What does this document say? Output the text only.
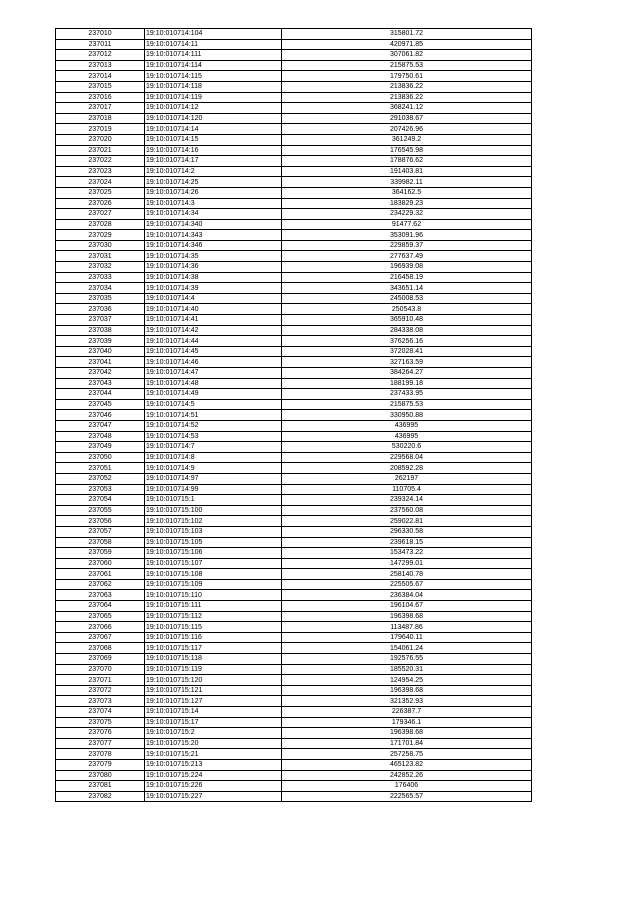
237010	19:10:010714:104	315801.72
237011	19:10:010714:11	420971.85
237012	19:10:010714:111	307061.82
237013	19:10:010714:114	215875.53
237014	19:10:010714:115	179750.61
237015	19:10:010714:118	213836.22
237016	19:10:010714:119	213836.22
237017	19:10:010714:12	368241.12
237018	19:10:010714:120	291038.67
237019	19:10:010714:14	207426.96
237020	19:10:010714:15	361249.2
237021	19:10:010714:16	176545.98
237022	19:10:010714:17	178876.62
237023	19:10:010714:2	191403.81
237024	19:10:010714:25	339982.11
237025	19:10:010714:26	364162.5
237026	19:10:010714:3	183829.23
237027	19:10:010714:34	234229.32
237028	19:10:010714:340	91477.62
237029	19:10:010714:343	353091.96
237030	19:10:010714:346	229859.37
237031	19:10:010714:35	277637.49
237032	19:10:010714:36	196939.08
237033	19:10:010714:38	216458.19
237034	19:10:010714:39	343651.14
237035	19:10:010714:4	245008.53
237036	19:10:010714:40	250543.8
237037	19:10:010714:41	365910.48
237038	19:10:010714:42	284338.08
237039	19:10:010714:44	376256.16
237040	19:10:010714:45	372028.41
237041	19:10:010714:46	327163.59
237042	19:10:010714:47	384264.27
237043	19:10:010714:48	188199.18
237044	19:10:010714:49	237433.95
237045	19:10:010714:5	215875.53
237046	19:10:010714:51	330950.88
237047	19:10:010714:52	436995
237048	19:10:010714:53	436995
237049	19:10:010714:7	530220.6
237050	19:10:010714:8	229568.04
237051	19:10:010714:9	208592.28
237052	19:10:010714:97	262197
237053	19:10:010714:99	110705.4
237054	19:10:010715:1	239324.14
237055	19:10:010715:100	237560.08
237056	19:10:010715:102	259022.81
237057	19:10:010715:103	296330.58
237058	19:10:010715:105	239618.15
237059	19:10:010715:106	153473.22
237060	19:10:010715:107	147299.01
237061	19:10:010715:108	258140.78
237062	19:10:010715:109	225505.67
237063	19:10:010715:110	236384.04
237064	19:10:010715:111	196104.67
237065	19:10:010715:112	196398.68
237066	19:10:010715:115	113487.86
237067	19:10:010715:116	179640.11
237068	19:10:010715:117	154061.24
237069	19:10:010715:118	192576.55
237070	19:10:010715:119	185520.31
237071	19:10:010715:120	124954.25
237072	19:10:010715:121	196398.68
237073	19:10:010715:127	321352.93
237074	19:10:010715:14	226387.7
237075	19:10:010715:17	179346.1
237076	19:10:010715:2	196398.68
237077	19:10:010715:20	171701.84
237078	19:10:010715:21	257258.75
237079	19:10:010715:213	465123.82
237080	19:10:010715:224	242852.26
237081	19:10:010715:226	176406
237082	19:10:010715:227	222565.57
